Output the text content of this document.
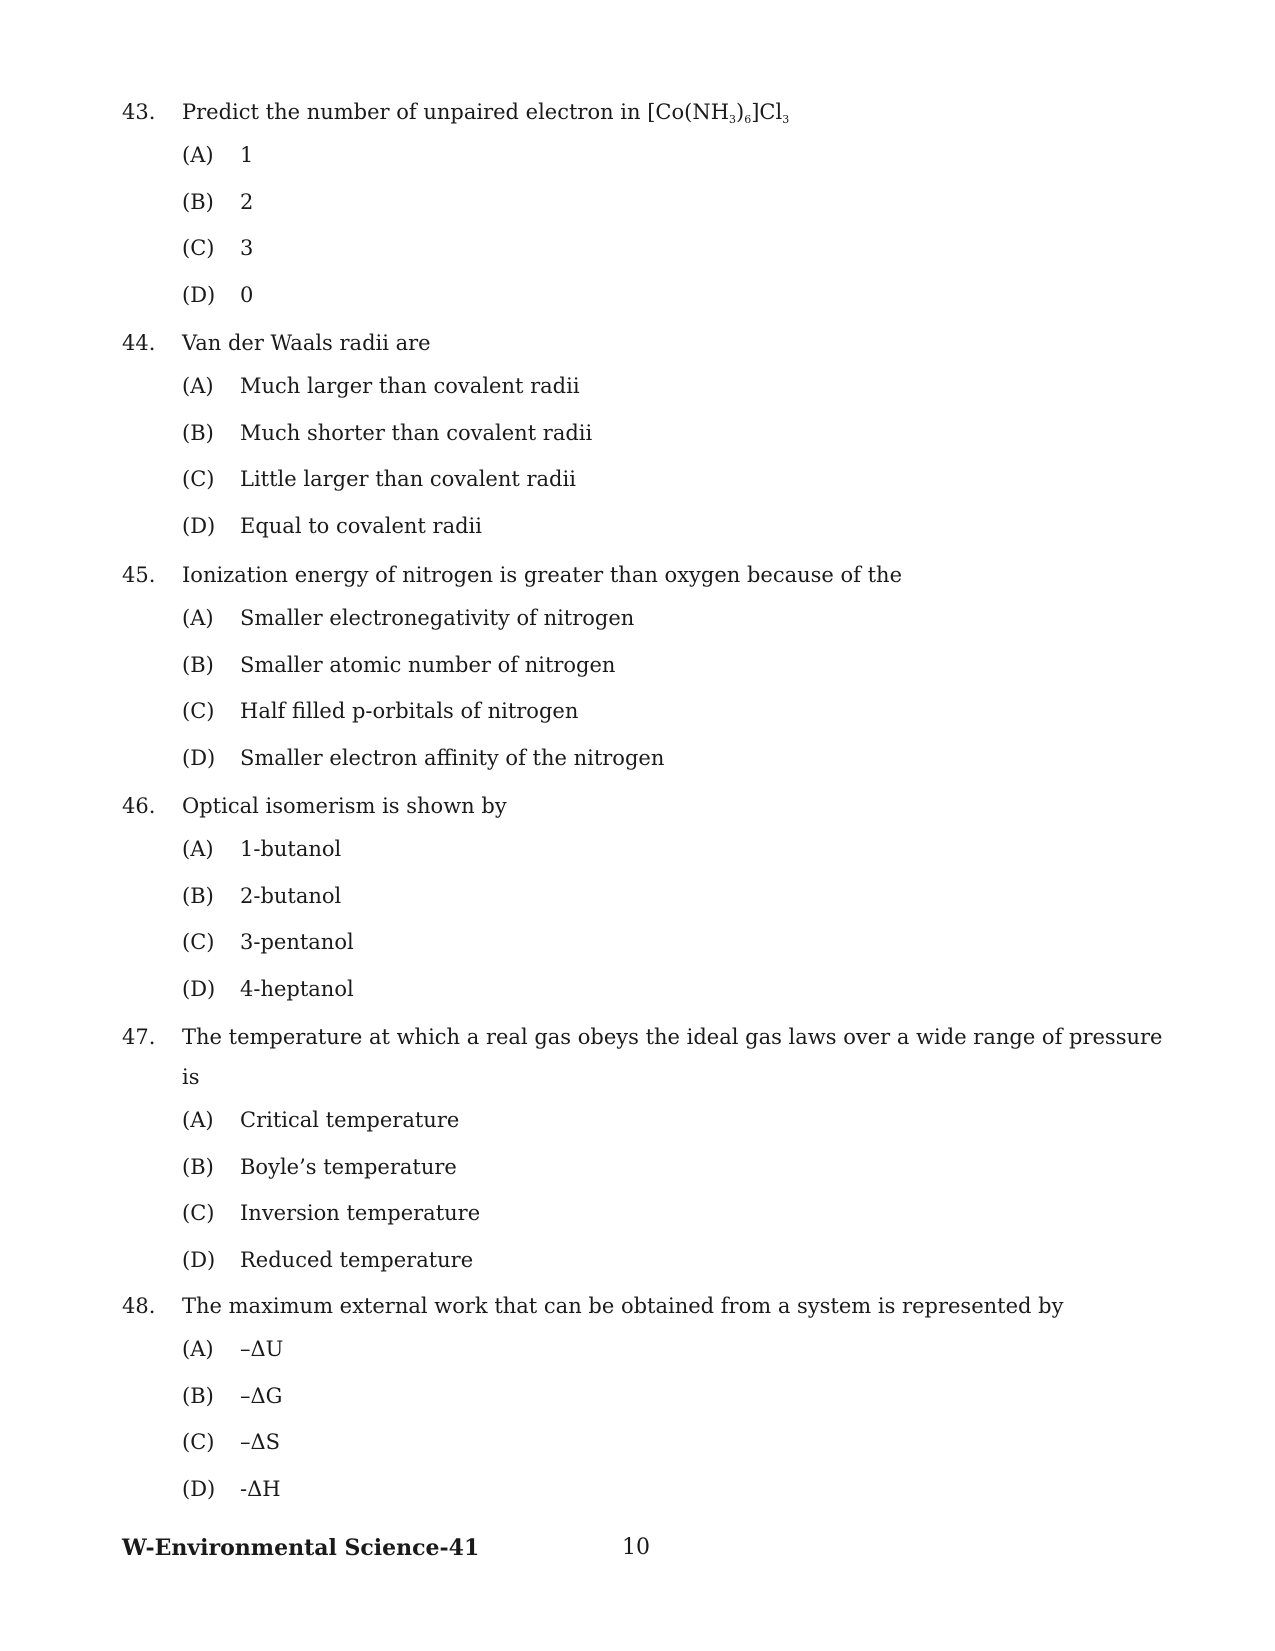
43.	Predict the number of unpaired electron in $[Co(NH_3)_6]Cl_3$
(A)	1
(B)	2
(C)	3
(D)	0
44.	Van der Waals radii are
(A)	Much larger than covalent radii
(B)	Much shorter than covalent radii
(C)	Little larger than covalent radii
(D)	Equal to covalent radii
45.	Ionization energy of nitrogen is greater than oxygen because of the
(A)	Smaller electronegativity of nitrogen
(B)	Smaller atomic number of nitrogen
(C)	Half filled p-orbitals of nitrogen
(D)	Smaller electron affinity of the nitrogen
46.	Optical isomerism is shown by
(A)	1-butanol
(B)	2-butanol
(C)	3-pentanol
(D)	4-heptanol
47.	The temperature at which a real gas obeys the ideal gas laws over a wide range of pressure is
(A)	Critical temperature
(B)	Boyle’s temperature
(C)	Inversion temperature
(D)	Reduced temperature
48.	The maximum external work that can be obtained from a system is represented by
(A)	–ΔU
(B)	–ΔG
(C)	–ΔS
(D)	-ΔH
W-Environmental Science-41	10
